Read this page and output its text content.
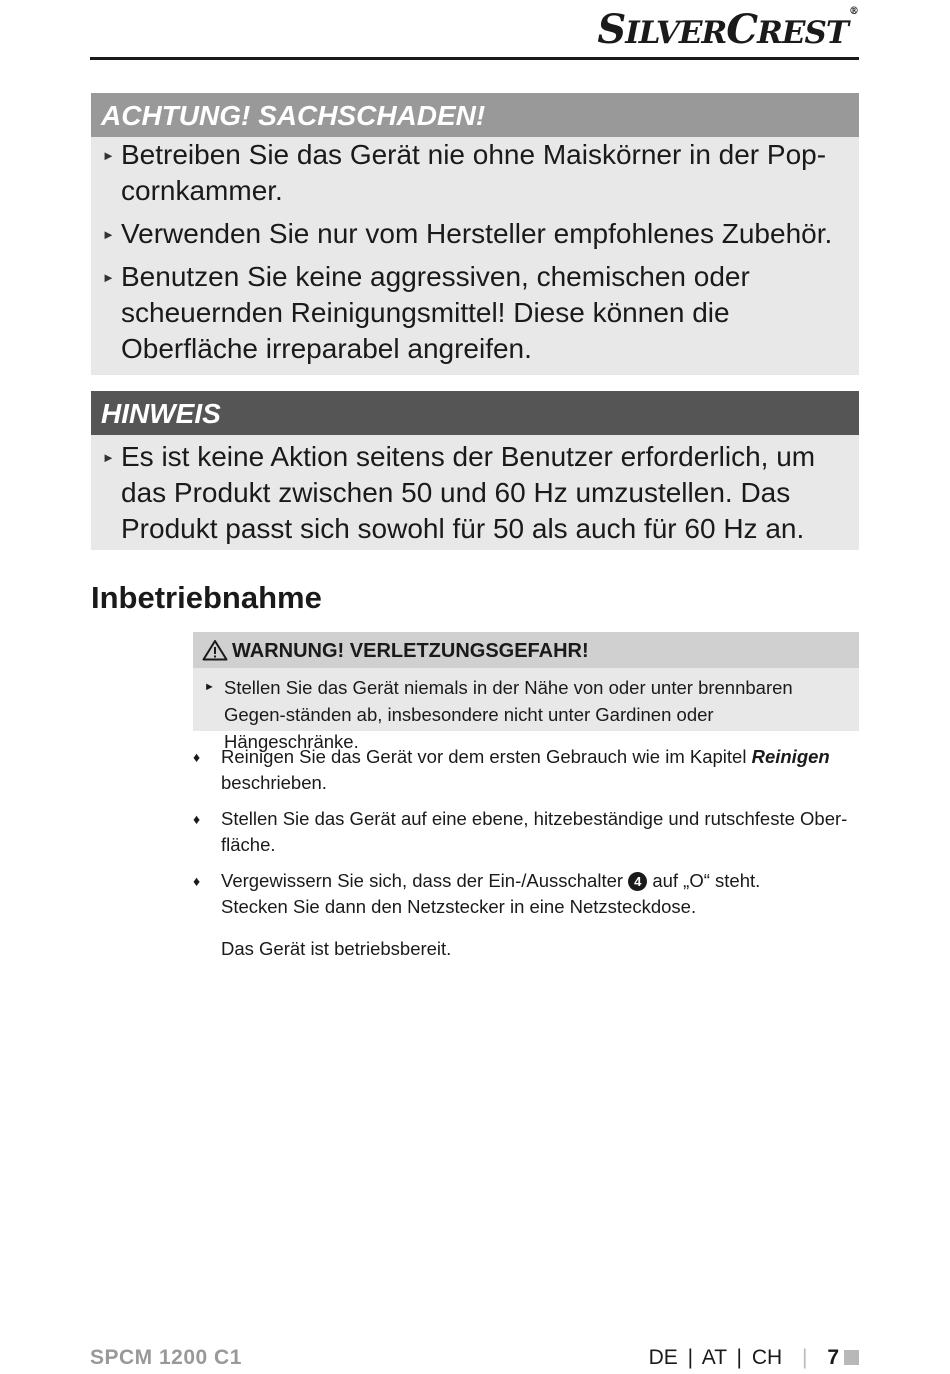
SILVERCREST®
ACHTUNG! SACHSCHADEN!
► Betreiben Sie das Gerät nie ohne Maiskörner in der Pop-cornkammer.
► Verwenden Sie nur vom Hersteller empfohlenes Zubehör.
► Benutzen Sie keine aggressiven, chemischen oder scheuernden Reinigungsmittel! Diese können die Oberfläche irreparabel angreifen.
HINWEIS
► Es ist keine Aktion seitens der Benutzer erforderlich, um das Produkt zwischen 50 und 60 Hz umzustellen. Das Produkt passt sich sowohl für 50 als auch für 60 Hz an.
Inbetriebnahme
WARNUNG! VERLETZUNGSGEFAHR!
► Stellen Sie das Gerät niemals in der Nähe von oder unter brennbaren Gegen-ständen ab, insbesondere nicht unter Gardinen oder Hängeschränke.
♦ Reinigen Sie das Gerät vor dem ersten Gebrauch wie im Kapitel Reinigen
beschrieben.
♦ Stellen Sie das Gerät auf eine ebene, hitzebeständige und rutschfeste Ober-fläche.
♦ Vergewissern Sie sich, dass der Ein-/Ausschalter 4 auf „O“ steht.
Stecken Sie dann den Netzstecker in eine Netzsteckdose.
Das Gerät ist betriebsbereit.
SPCM 1200 C1	DE | AT | CH | 7
